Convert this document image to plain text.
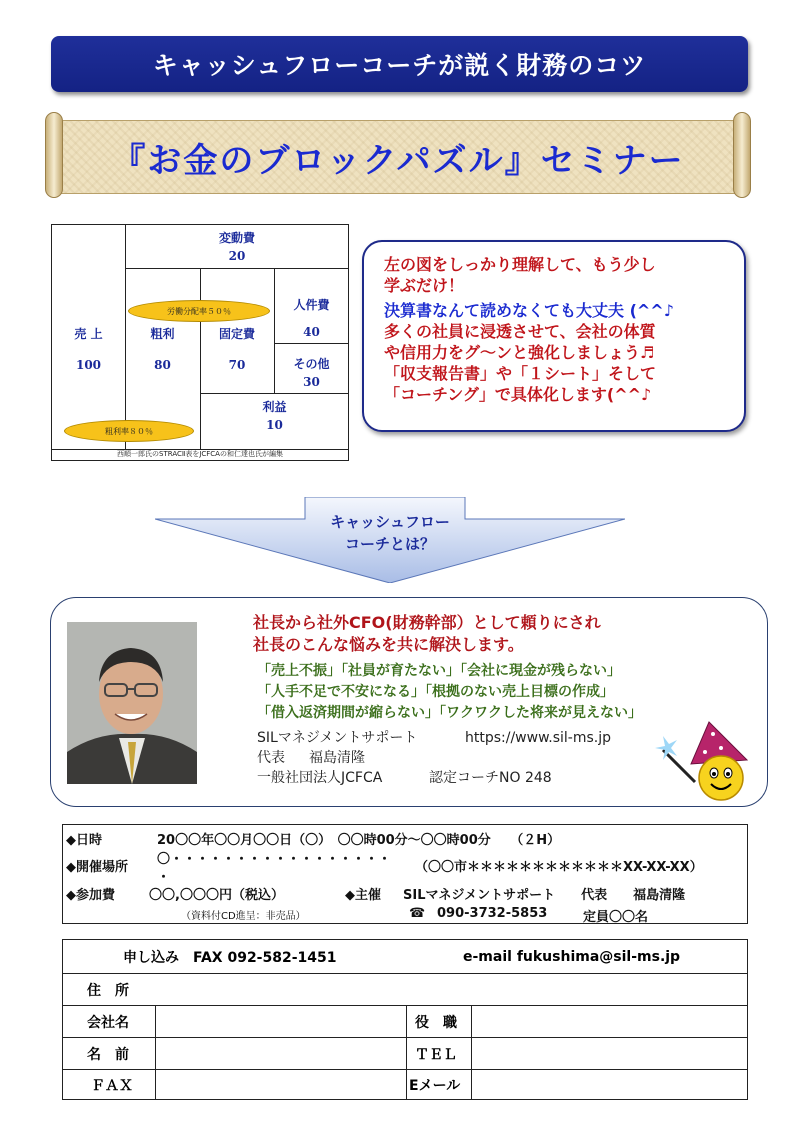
キャッシュフローコーチが説く財務のコツ
『お金のブロックパズル』セミナー
変動費
20
売 上
100
粗利
80
固定費
70
人件費
40
その他
30
利益
10
労働分配率５０％
粗利率８０％
西順一郎氏のSTRACⅡ表をJCFCAの和仁達也氏が編集
左の図をしっかり理解して、もう少し
学ぶだけ！
決算書なんて読めなくても大丈夫 (^^♪
多くの社員に浸透させて、会社の体質
や信用力をグ～ンと強化しましょう♬
「収支報告書」や「１シート」そして
「コーチング」で具体化します(^^♪
キャッシュフロー
コーチとは？
社長から社外CFO(財務幹部）として頼りにされ
社長のこんな悩みを共に解決します。
「売上不振」「社員が育たない」「会社に現金が残らない」
「人手不足で不安になる」「根拠のない売上目標の作成」
「借入返済期間が縮らない」「ワクワクした将来が見えない」
SILマネジメントサポート	https://www.sil-ms.jp
代表 福島清隆
一般社団法人JCFCA	認定コーチNO 248
◆日時	20〇〇年〇〇月〇〇日（〇）　〇〇時00分～〇〇時00分　　（２H）
◆開催場所
〇・・・・・・・・・・・・・・・・・
・
（〇〇市＊＊＊＊＊＊＊＊＊＊＊＊XX-XX-XX）
◆参加費	〇〇,〇〇〇円（税込）
（資料付CD進呈：非売品）
◆主催 SILマネジメントサポート　　代表　　福島清隆
☎ 090-3732-5853	定員〇〇名
申し込み　FAX 092-582-1451	e-mail fukushima@sil-ms.jp
住　所
会社名	役　職
名　前	ＴＥＬ
ＦＡＸ	Eメール
